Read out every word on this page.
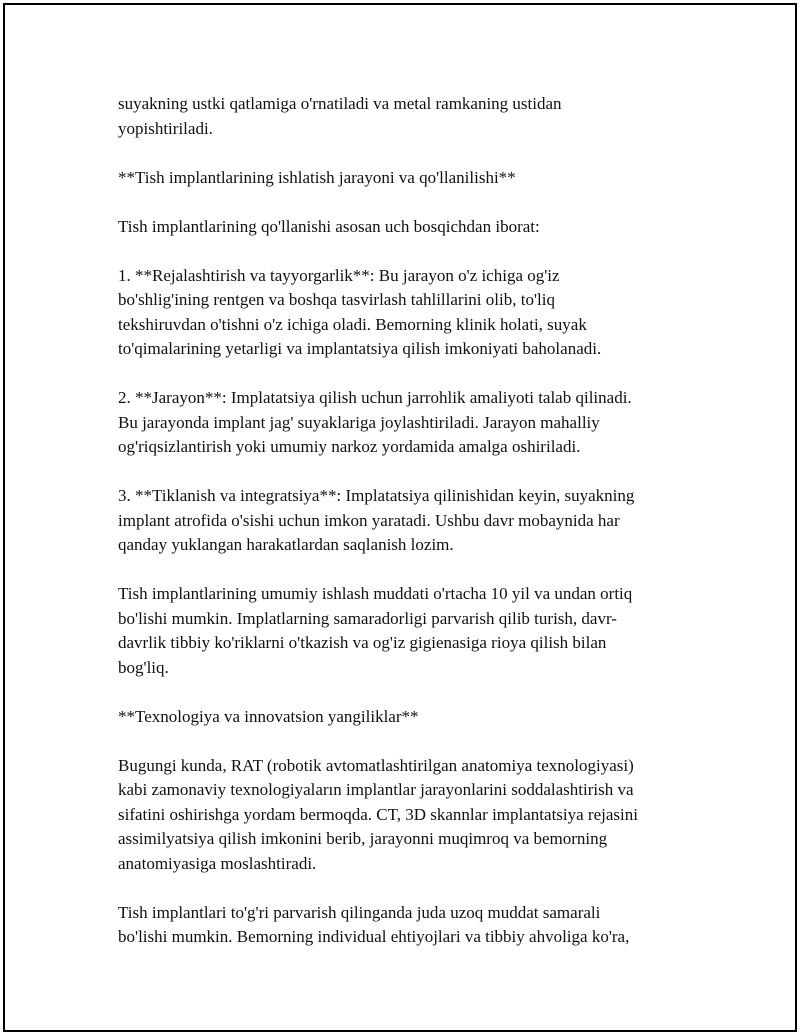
suyakning ustki qatlamiga o'rnatiladi va metal ramkaning ustidan
yopishtiriladi.

**Tish implantlarining ishlatish jarayoni va qo'llanilishi**

Tish implantlarining qo'llanishi asosan uch bosqichdan iborat:

1. **Rejalashtirish va tayyorgarlik**: Bu jarayon o'z ichiga og'iz
bo'shlig'ining rentgen va boshqa tasvirlash tahlillarini olib, to'liq
tekshiruvdan o'tishni o'z ichiga oladi. Bemorning klinik holati, suyak
to'qimalarining yetarligi va implantatsiya qilish imkoniyati baholanadi.

2. **Jarayon**: Implatatsiya qilish uchun jarrohlik amaliyoti talab qilinadi.
Bu jarayonda implant jag' suyaklariga joylashtiriladi. Jarayon mahalliy
og'riqsizlantirish yoki umumiy narkoz yordamida amalga oshiriladi.

3. **Tiklanish va integratsiya**: Implatatsiya qilinishidan keyin, suyakning
implant atrofida o'sishi uchun imkon yaratadi. Ushbu davr mobaynida har
qanday yuklangan harakatlardan saqlanish lozim.

Tish implantlarining umumiy ishlash muddati o'rtacha 10 yil va undan ortiq
bo'lishi mumkin. Implatlarning samaradorligi parvarish qilib turish, davr-
davrlik tibbiy ko'riklarni o'tkazish va og'iz gigienasiga rioya qilish bilan
bog'liq.

**Texnologiya va innovatsion yangiliklar**

Bugungi kunda, RAT (robotik avtomatlashtirilgan anatomiya texnologiyasi)
kabi zamonaviy texnologiyaların implantlar jarayonlarini soddalashtirish va
sifatini oshirishga yordam bermoqda. CT, 3D skannlar implantatsiya rejasini
assimilyatsiya qilish imkonini berib, jarayonni muqimroq va bemorning
anatomiyasiga moslashtiradi.

Tish implantlari to'g'ri parvarish qilinganda juda uzoq muddat samarali
bo'lishi mumkin. Bemorning individual ehtiyojlari va tibbiy ahvoliga ko'ra,
